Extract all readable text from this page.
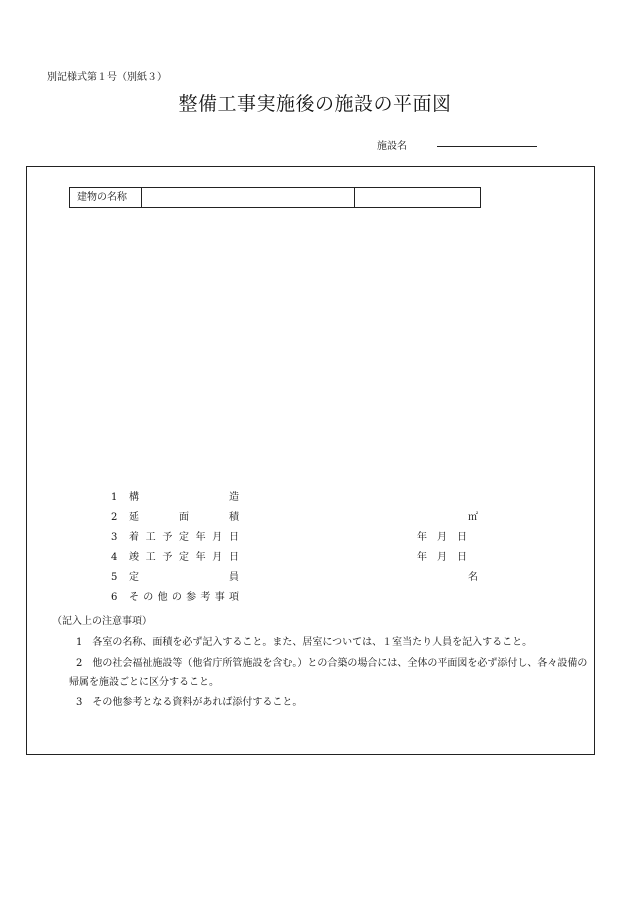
別記様式第１号（別紙３）
整備工事実施後の施設の平面図
施設名
建物の名称
1 構	造
2 延	面	積	㎡
3 着 工 予 定 年 月 日	年　月　日
4 竣 工 予 定 年 月 日	年　月　日
5 定	員	名
6 そ の 他 の 参 考 事 項
（記入上の注意事項）
1　各室の名称、面積を必ず記入すること。また、居室については、１室当たり人員を記入すること。
2　他の社会福祉施設等（他省庁所管施設を含む。）との合築の場合には、全体の平面図を必ず添付し、各々設備の
帰属を施設ごとに区分すること。
3　その他参考となる資料があれば添付すること。
